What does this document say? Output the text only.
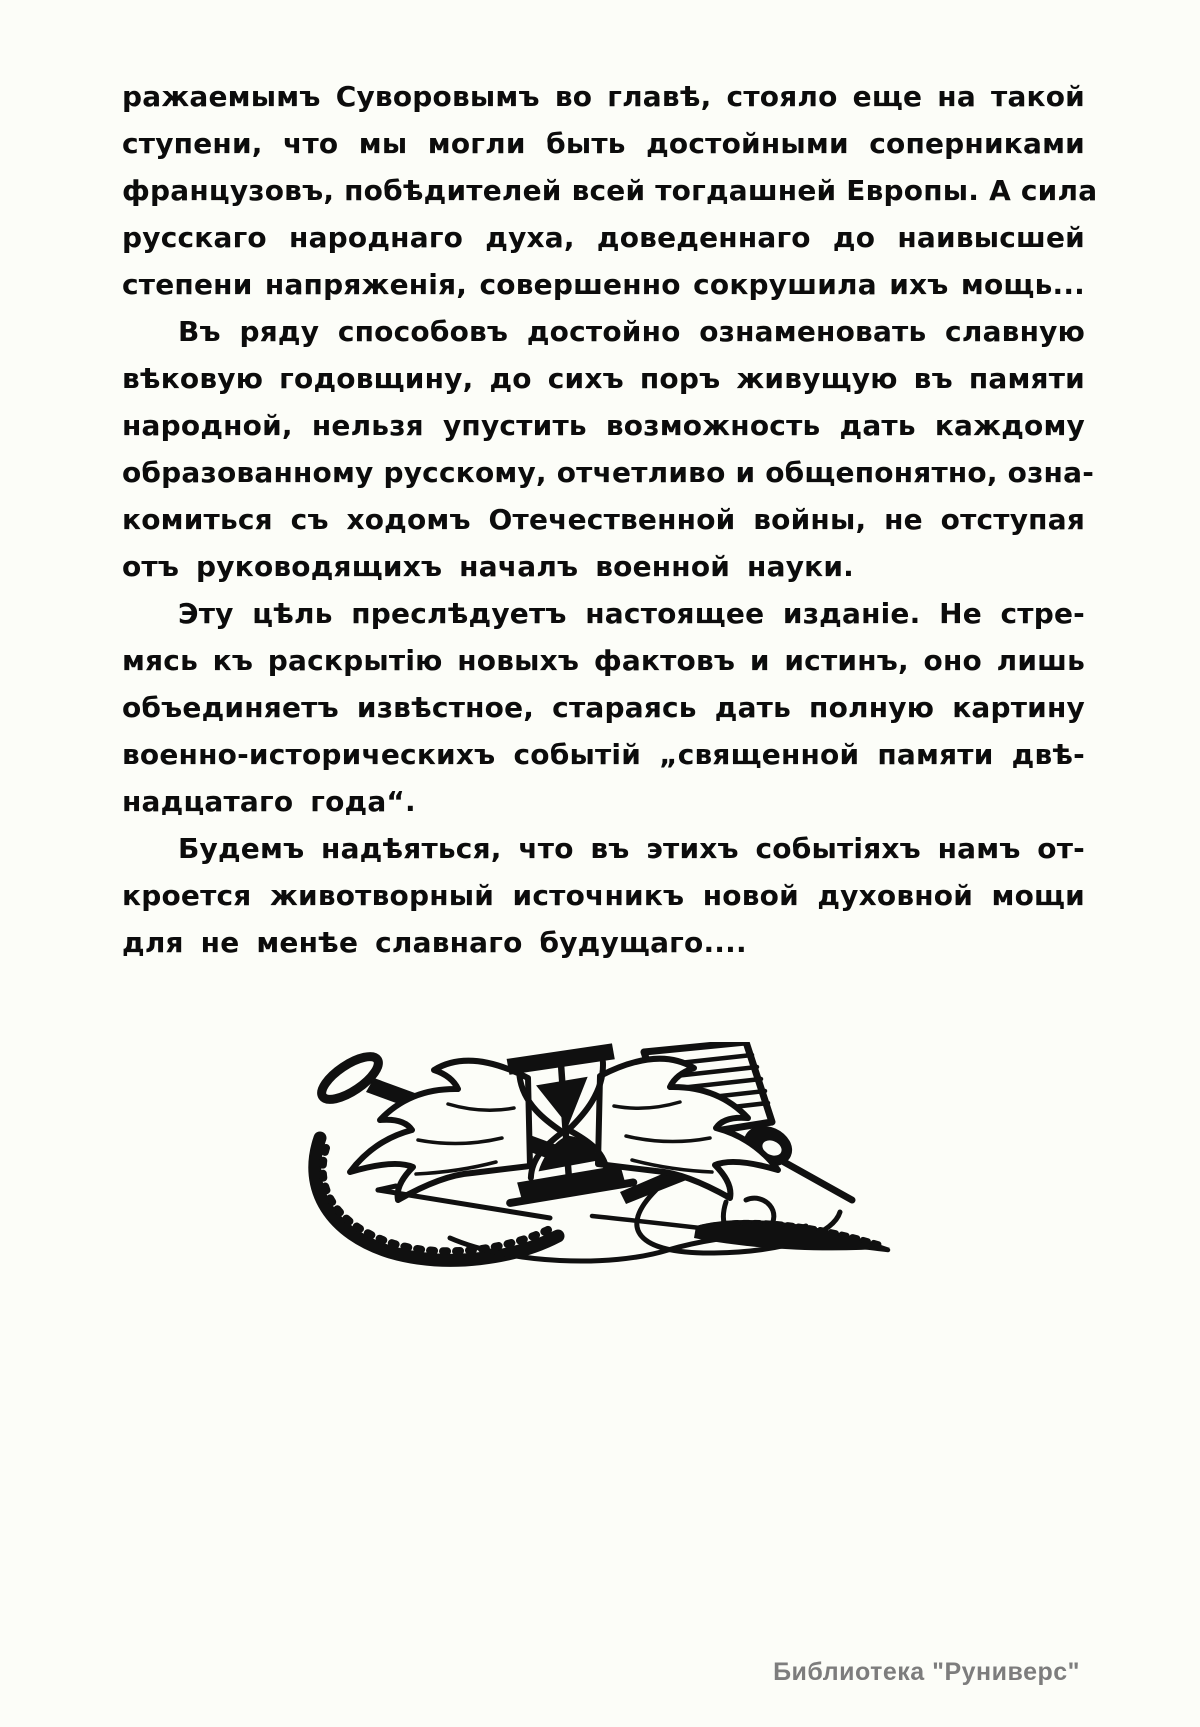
ражаемымъ Суворовымъ во главѣ, стояло еще на такой

ступени, что мы могли быть достойными соперниками

французовъ, побѣдителей всей тогдашней Европы. А сила

русскаго народнаго духа, доведеннаго до наивысшей

степени напряженія, совершенно сокрушила ихъ мощь...

Въ ряду способовъ достойно ознаменовать славную

вѣковую годовщину, до сихъ поръ живущую въ памяти

народной, нельзя упустить возможность дать каждому

образованному русскому, отчетливо и общепонятно, озна-

комиться съ ходомъ Отечественной войны, не отступая

отъ руководящихъ началъ военной науки.

Эту цѣль преслѣдуетъ настоящее изданіе. Не стре-

мясь къ раскрытію новыхъ фактовъ и истинъ, оно лишь

объединяетъ извѣстное, стараясь дать полную картину

военно-историческихъ событій „священной памяти двѣ-

надцатаго года“.

Будемъ надѣяться, что въ этихъ событіяхъ намъ от-

кроется животворный источникъ новой духовной мощи

для не менѣе славнаго будущаго....

Библиотека "Руниверс"
